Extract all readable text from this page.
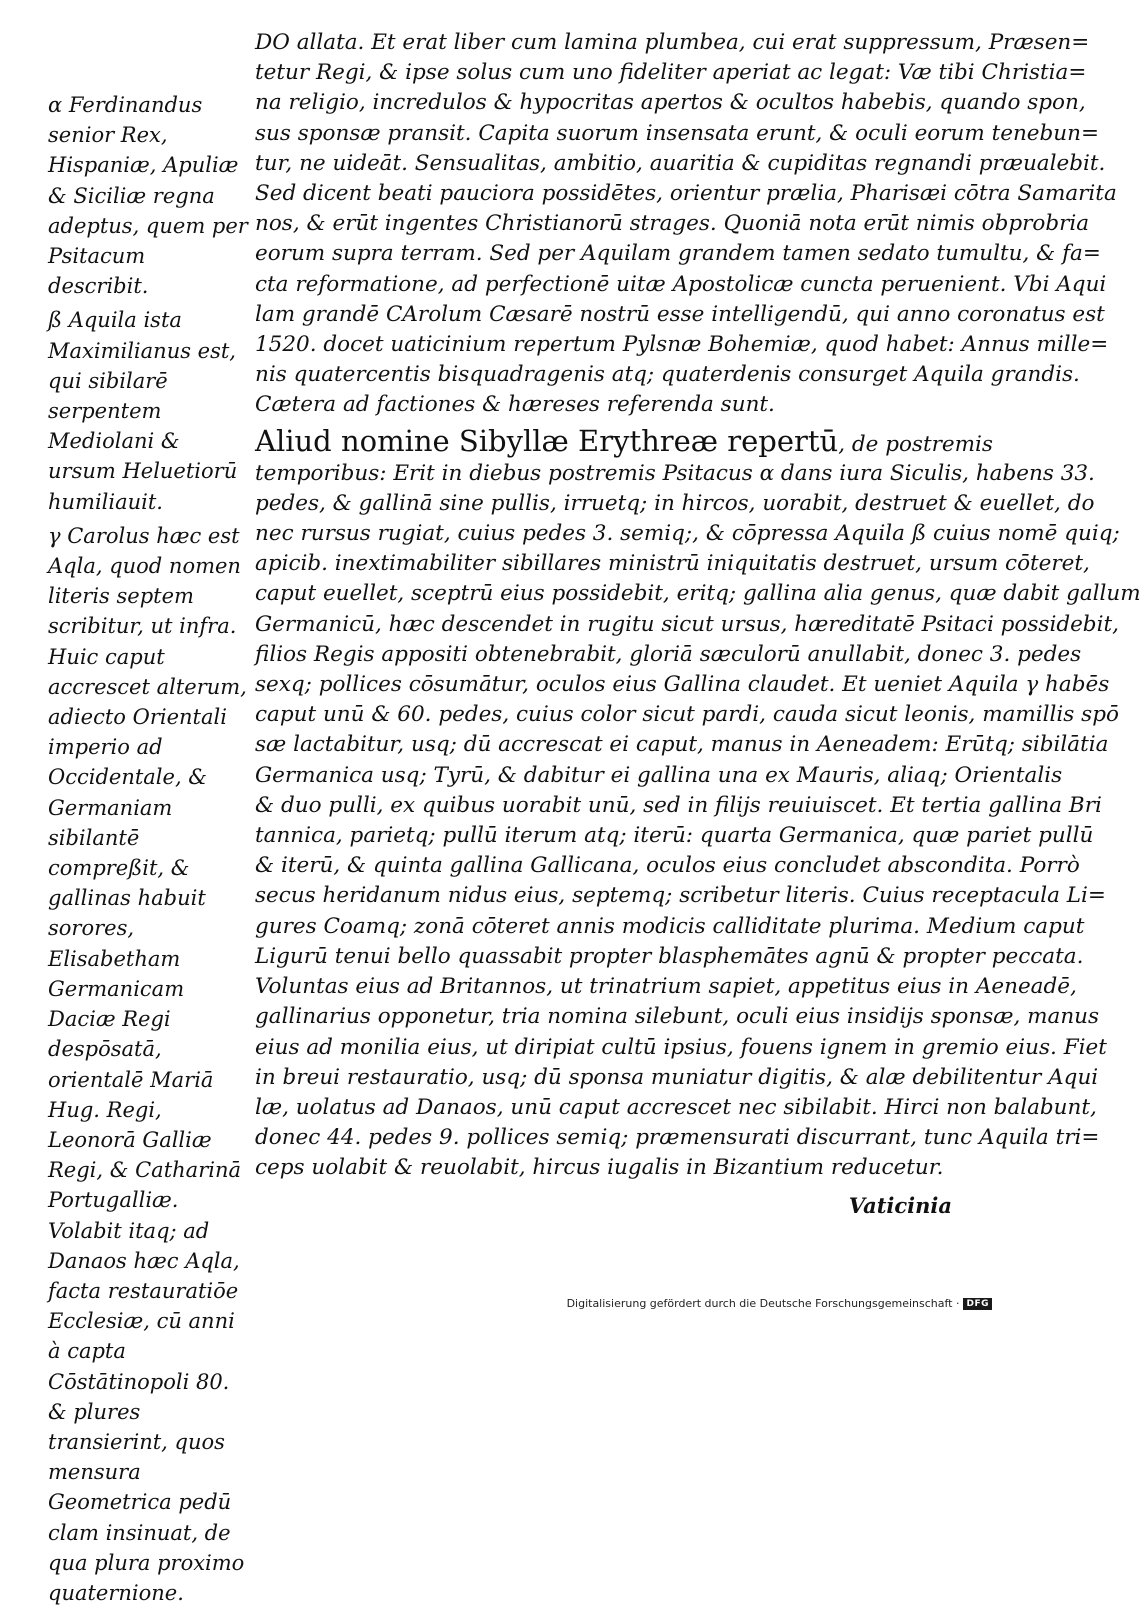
α Ferdinandus senior Rex, Hispaniæ, Apuliæ & Siciliæ regna adeptus, quem per Psitacum describit.

ß Aquila ista Maximilianus est, qui sibilarē serpentem Mediolani & ursum Heluetiorū humiliauit.

γ Carolus hæc est Aqla, quod nomen literis septem scribitur, ut infra. Huic caput accrescet alterum, adiecto Orientali imperio ad Occidentale, & Germaniam sibilantē compreßit, & gallinas habuit sorores, Elisabetham Germanicam Daciæ Regi despōsatā, orientalē Mariā Hug. Regi, Leonorā Galliæ Regi, & Catharinā Portugalliæ. Volabit itaq; ad Danaos hæc Aqla, facta restauratiōe Ecclesiæ, cū anni à capta Cōstātinopoli 80. & plures transierint, quos mensura Geometrica pedū clam insinuat, de qua plura proximo quaternione.

DO allata. Et erat liber cum lamina plumbea, cui erat suppressum, Præsen=
tetur Regi, & ipse solus cum uno fideliter aperiat ac legat: Væ tibi Christia=
na religio, incredulos & hypocritas apertos & ocultos habebis, quando spon,
sus sponsæ pransit. Capita suorum insensata erunt, & oculi eorum tenebun=
tur, ne uideāt. Sensualitas, ambitio, auaritia & cupiditas regnandi præualebit.
Sed dicent beati pauciora possidētes, orientur prælia, Pharisæi cōtra Samarita
nos, & erūt ingentes Christianorū strages. Quoniā nota erūt nimis obprobria
eorum supra terram. Sed per Aquilam grandem tamen sedato tumultu, & fa=
cta reformatione, ad perfectionē uitæ Apostolicæ cuncta peruenient. Vbi Aqui
lam grandē CArolum Cæsarē nostrū esse intelligendū, qui anno coronatus est
1520. docet uaticinium repertum Pylsnæ Bohemiæ, quod habet: Annus mille=
nis quatercentis bisquadragenis atq; quaterdenis consurget Aquila grandis.
Cætera ad factiones & hæreses referenda sunt.
Aliud nomine Sibyllæ Erythreæ repertū, de postremis
temporibus: Erit in diebus postremis Psitacus α dans iura Siculis, habens 33.
pedes, & gallinā sine pullis, irruetq; in hircos, uorabit, destruet & euellet, do
nec rursus rugiat, cuius pedes 3. semiq;, & cōpressa Aquila ß cuius nomē quiq;
apicib. inextimabiliter sibillares ministrū iniquitatis destruet, ursum cōteret,
caput euellet, sceptrū eius possidebit, eritq; gallina alia genus, quæ dabit gallum
Germanicū, hæc descendet in rugitu sicut ursus, hæreditatē Psitaci possidebit,
filios Regis appositi obtenebrabit, gloriā sæculorū anullabit, donec 3. pedes
sexq; pollices cōsumātur, oculos eius Gallina claudet. Et ueniet Aquila γ habēs
caput unū & 60. pedes, cuius color sicut pardi, cauda sicut leonis, mamillis spō
sæ lactabitur, usq; dū accrescat ei caput, manus in Aeneadem: Erūtq; sibilātia
Germanica usq; Tyrū, & dabitur ei gallina una ex Mauris, aliaq; Orientalis
& duo pulli, ex quibus uorabit unū, sed in filijs reuiuiscet. Et tertia gallina Bri
tannica, parietq; pullū iterum atq; iterū: quarta Germanica, quæ pariet pullū
& iterū, & quinta gallina Gallicana, oculos eius concludet abscondita. Porrò
secus heridanum nidus eius, septemq; scribetur literis. Cuius receptacula Li=
gures Coamq; zonā cōteret annis modicis calliditate plurima. Medium caput
Ligurū tenui bello quassabit propter blasphemātes agnū & propter peccata.
Voluntas eius ad Britannos, ut trinatrium sapiet, appetitus eius in Aeneadē,
gallinarius opponetur, tria nomina silebunt, oculi eius insidijs sponsæ, manus
eius ad monilia eius, ut diripiat cultū ipsius, fouens ignem in gremio eius. Fiet
in breui restauratio, usq; dū sponsa muniatur digitis, & alæ debilitentur Aqui
læ, uolatus ad Danaos, unū caput accrescet nec sibilabit. Hirci non balabunt,
donec 44. pedes 9. pollices semiq; præmensurati discurrant, tunc Aquila tri=
ceps uolabit & reuolabit, hircus iugalis in Bizantium reducetur.
Vaticinia
Digitalisierung gefördert durch die Deutsche Forschungsgemeinschaft · DFG
